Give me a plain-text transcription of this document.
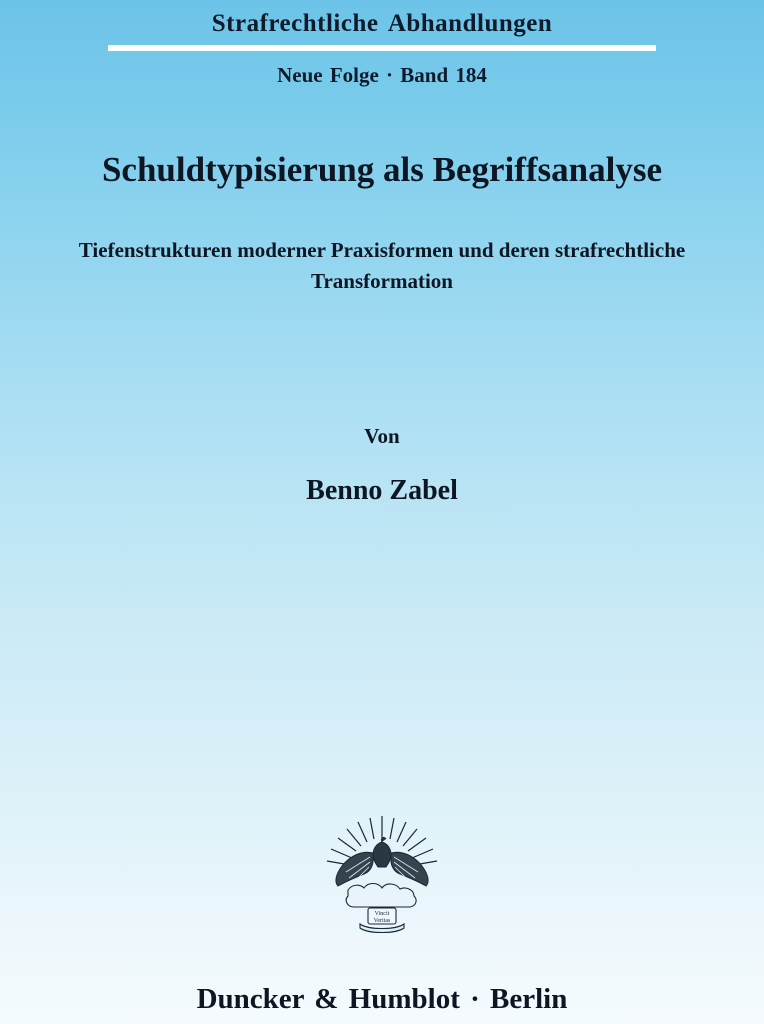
Strafrechtliche Abhandlungen
Neue Folge · Band 184
Schuldtypisierung als Begriffsanalyse
Tiefenstrukturen moderner Praxisformen und deren strafrechtliche Transformation
Von
Benno Zabel
Vincit
Veritas
Duncker & Humblot · Berlin
